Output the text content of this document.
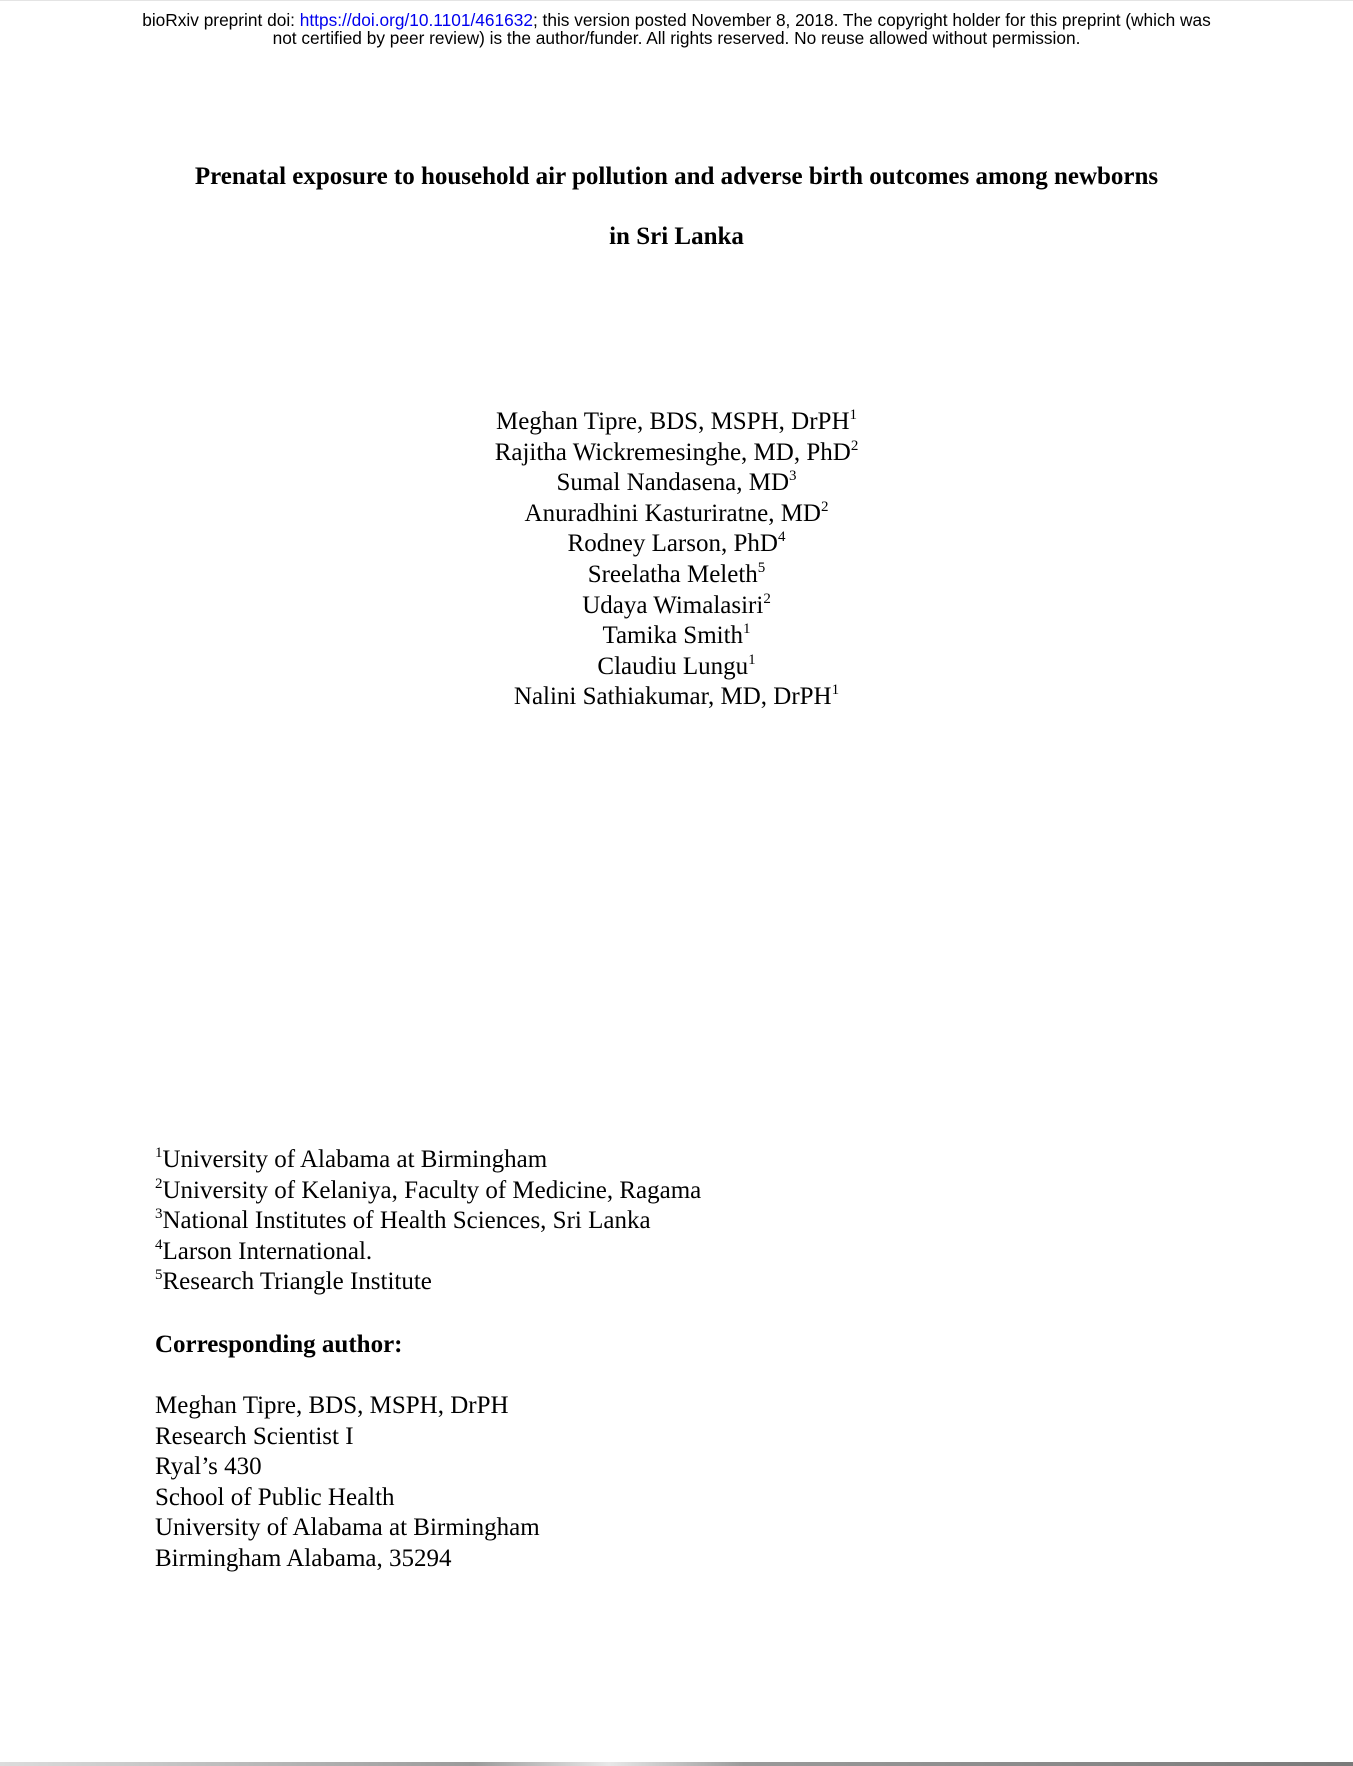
bioRxiv preprint doi: https://doi.org/10.1101/461632; this version posted November 8, 2018. The copyright holder for this preprint (which was
not certified by peer review) is the author/funder. All rights reserved. No reuse allowed without permission.
Prenatal exposure to household air pollution and adverse birth outcomes among newborns
in Sri Lanka
Meghan Tipre, BDS, MSPH, DrPH$^1$
Rajitha Wickremesinghe, MD, PhD$^2$
Sumal Nandasena, $MD^3$
Anuradhini Kasturiratne, $MD^2$
Rodney Larson, PhD$^4$
Sreelatha Meleth$^5$
Udaya Wimalasiri$^2$
Tamika Smith$^1$
Claudiu Lungu$^1$
Nalini Sathiakumar, MD, DrPH$^1$
$^1$University of Alabama at Birmingham
$^2$University of Kelaniya, Faculty of Medicine, Ragama
$^3$National Institutes of Health Sciences, Sri Lanka
$^4$Larson International.
$^5$Research Triangle Institute
Corresponding author:
Meghan Tipre, BDS, MSPH, DrPH
Research Scientist I
Ryal’s 430
School of Public Health
University of Alabama at Birmingham
Birmingham Alabama, 35294
